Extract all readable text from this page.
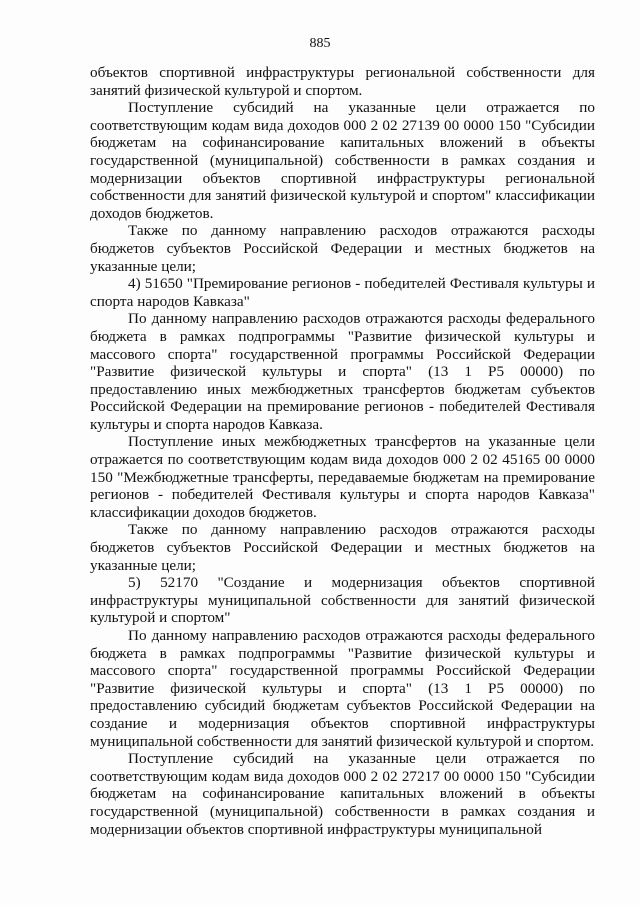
885

объектов спортивной инфраструктуры региональной собственности для занятий физической культурой и спортом.

Поступление субсидий на указанные цели отражается по соответствующим кодам вида доходов 000 2 02 27139 00 0000 150 "Субсидии бюджетам на софинансирование капитальных вложений в объекты государственной (муниципальной) собственности в рамках создания и модернизации объектов спортивной инфраструктуры региональной собственности для занятий физической культурой и спортом" классификации доходов бюджетов.

Также по данному направлению расходов отражаются расходы бюджетов субъектов Российской Федерации и местных бюджетов на указанные цели;

4) 51650 "Премирование регионов - победителей Фестиваля культуры и спорта народов Кавказа"

По данному направлению расходов отражаются расходы федерального бюджета в рамках подпрограммы "Развитие физической культуры и массового спорта" государственной программы Российской Федерации "Развитие физической культуры и спорта" (13 1 P5 00000) по предоставлению иных межбюджетных трансфертов бюджетам субъектов Российской Федерации на премирование регионов - победителей Фестиваля культуры и спорта народов Кавказа.

Поступление иных межбюджетных трансфертов на указанные цели отражается по соответствующим кодам вида доходов 000 2 02 45165 00 0000 150 "Межбюджетные трансферты, передаваемые бюджетам на премирование регионов - победителей Фестиваля культуры и спорта народов Кавказа" классификации доходов бюджетов.

Также по данному направлению расходов отражаются расходы бюджетов субъектов Российской Федерации и местных бюджетов на указанные цели;

5) 52170 "Создание и модернизация объектов спортивной инфраструктуры муниципальной собственности для занятий физической культурой и спортом"

По данному направлению расходов отражаются расходы федерального бюджета в рамках подпрограммы "Развитие физической культуры и массового спорта" государственной программы Российской Федерации "Развитие физической культуры и спорта" (13 1 P5 00000) по предоставлению субсидий бюджетам субъектов Российской Федерации на создание и модернизация объектов спортивной инфраструктуры муниципальной собственности для занятий физической культурой и спортом.

Поступление субсидий на указанные цели отражается по соответствующим кодам вида доходов 000 2 02 27217 00 0000 150 "Субсидии бюджетам на софинансирование капитальных вложений в объекты государственной (муниципальной) собственности в рамках создания и модернизации объектов спортивной инфраструктуры муниципальной
